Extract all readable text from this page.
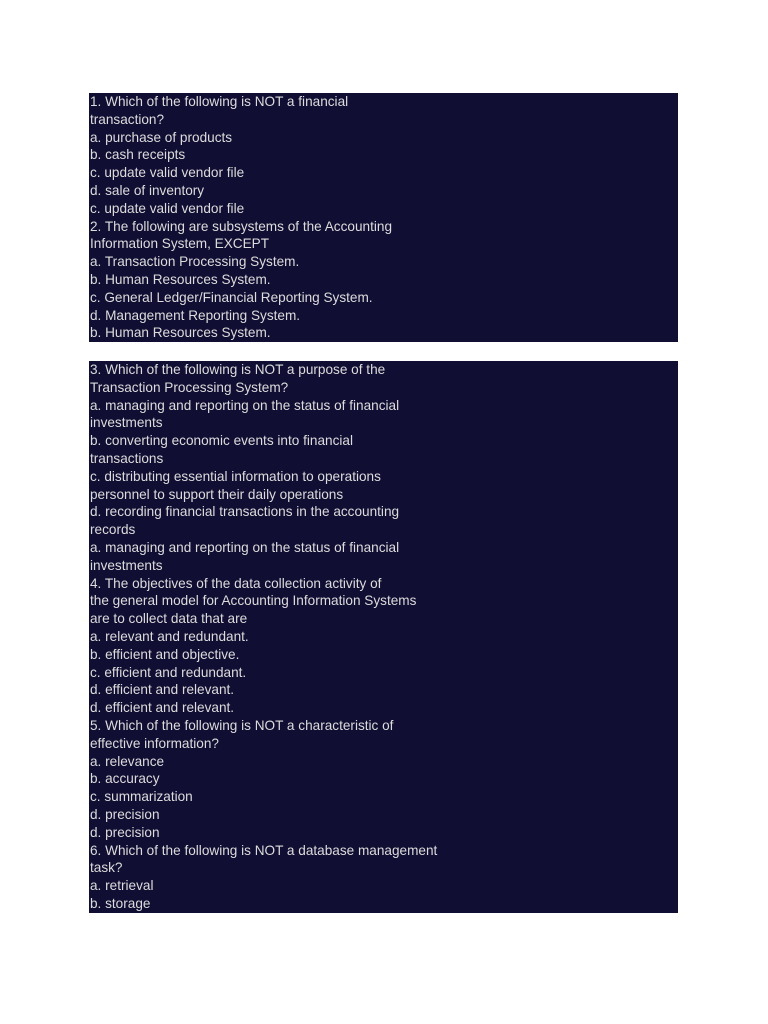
1. Which of the following is NOT a financial
transaction?
a. purchase of products
b. cash receipts
c. update valid vendor file
d. sale of inventory
c. update valid vendor file
2. The following are subsystems of the Accounting
Information System, EXCEPT
a. Transaction Processing System.
b. Human Resources System.
c. General Ledger/Financial Reporting System.
d. Management Reporting System.
b. Human Resources System.
3. Which of the following is NOT a purpose of the
Transaction Processing System?
a. managing and reporting on the status of financial
investments
b. converting economic events into financial
transactions
c. distributing essential information to operations
personnel to support their daily operations
d. recording financial transactions in the accounting
records
a. managing and reporting on the status of financial
investments
4. The objectives of the data collection activity of
the general model for Accounting Information Systems
are to collect data that are
a. relevant and redundant.
b. efficient and objective.
c. efficient and redundant.
d. efficient and relevant.
d. efficient and relevant.
5. Which of the following is NOT a characteristic of
effective information?
a. relevance
b. accuracy
c. summarization
d. precision
d. precision
6. Which of the following is NOT a database management
task?
a. retrieval
b. storage
